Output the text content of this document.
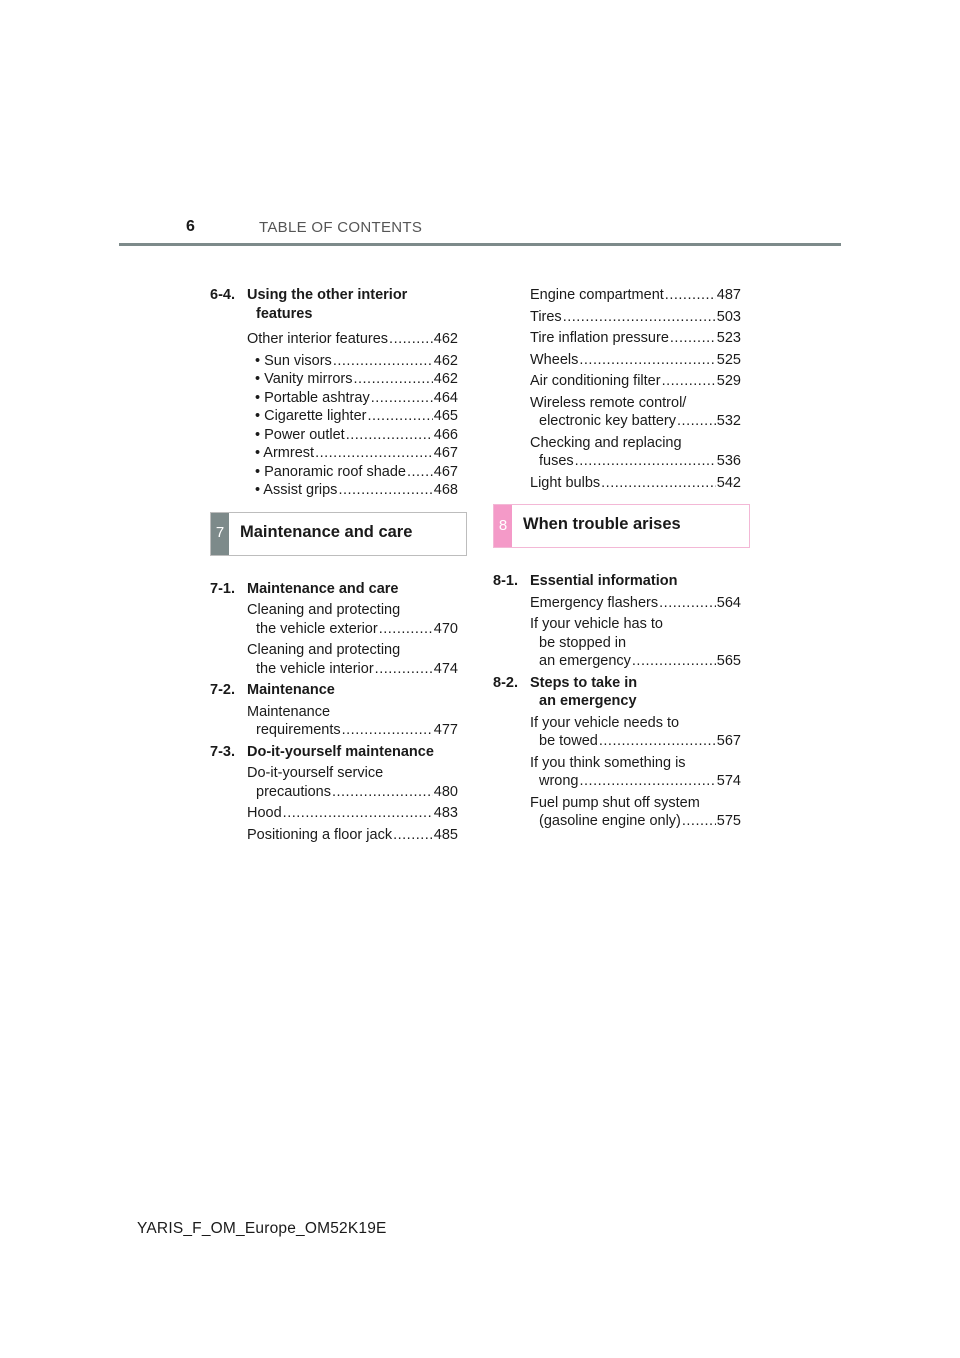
6	TABLE OF CONTENTS
6-4. Using the other interior
features
Other interior features .....	462
• Sun visors .....	462
• Vanity mirrors .....	462
• Portable ashtray .....	464
• Cigarette lighter .....	465
• Power outlet .....	466
• Armrest .....	467
• Panoramic roof shade ..... 467
• Assist grips .....	468
7 Maintenance and care
7-1. Maintenance and care
Cleaning and protecting
the vehicle exterior .....	470
Cleaning and protecting
the vehicle interior .....	474
7-2. Maintenance
Maintenance
requirements .....	477
7-3. Do-it-yourself maintenance
Do-it-yourself service
precautions .....	480
Hood .....	483
Positioning a floor jack .....	485
Engine compartment .....	487
Tires .....	503
Tire inflation pressure .....	523
Wheels .....	525
Air conditioning filter .....	529
Wireless remote control/
electronic key battery .....	532
Checking and replacing
fuses .....	536
Light bulbs .....	542
8 When trouble arises
8-1. Essential information
Emergency flashers .....	564
If your vehicle has to
be stopped in
an emergency .....	565
8-2. Steps to take in
an emergency
If your vehicle needs to
be towed .....	567
If you think something is
wrong .....	574
Fuel pump shut off system
(gasoline engine only) ..... 575
YARIS_F_OM_Europe_OM52K19E
